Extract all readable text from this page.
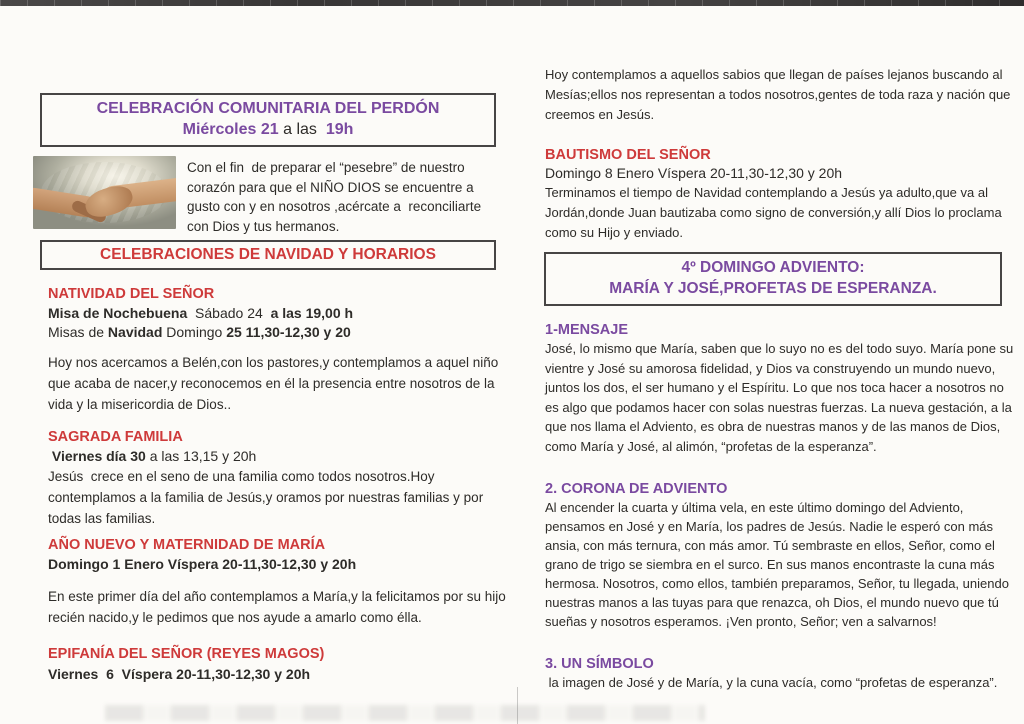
CELEBRACIÓN COMUNITARIA DEL PERDÓN
Miércoles 21 a las  19h
Con el fin  de preparar el “pesebre” de nuestro corazón para que el NIÑO DIOS se encuentre a gusto con y en nosotros ,acércate a  reconciliarte con Dios y tus hermanos.
CELEBRACIONES DE NAVIDAD Y HORARIOS
NATIVIDAD DEL SEÑOR
Misa de Nochebuena  Sábado 24  a las 19,00 h
Misas de Navidad Domingo 25 11,30-12,30 y 20
Hoy nos acercamos a Belén,con los pastores,y contemplamos a aquel niño que acaba de nacer,y reconocemos en él la presencia entre nosotros de la vida y la misericordia de Dios..
SAGRADA FAMILIA
Viernes día 30 a las 13,15 y 20h
Jesús  crece en el seno de una familia como todos nosotros.Hoy contemplamos a la familia de Jesús,y oramos por nuestras familias y por todas las familias.
AÑO NUEVO Y MATERNIDAD DE MARÍA
Domingo 1 Enero Víspera 20-11,30-12,30 y 20h
En este primer día del año contemplamos a María,y la felicitamos por su hijo recién nacido,y le pedimos que nos ayude a amarlo como élla.
EPIFANÍA DEL SEÑOR (REYES MAGOS)
Viernes  6  Víspera 20-11,30-12,30 y 20h
Hoy contemplamos a aquellos sabios que llegan de países lejanos buscando al Mesías;ellos nos representan a todos nosotros,gentes de toda raza y nación que creemos en Jesús.
BAUTISMO DEL SEÑOR
Domingo 8 Enero Víspera 20-11,30-12,30 y 20h
Terminamos el tiempo de Navidad contemplando a Jesús ya adulto,que va al Jordán,donde Juan bautizaba como signo de conversión,y allí Dios lo proclama como su Hijo y enviado.
4º DOMINGO ADVIENTO:
MARÍA Y JOSÉ,PROFETAS DE ESPERANZA.
1-MENSAJE
José, lo mismo que María, saben que lo suyo no es del todo suyo. María pone su vientre y José su amorosa fidelidad, y Dios va construyendo un mundo nuevo, juntos los dos, el ser humano y el Espíritu. Lo que nos toca hacer a nosotros no es algo que podamos hacer con solas nuestras fuerzas. La nueva gestación, a la que nos llama el Adviento, es obra de nuestras manos y de las manos de Dios, como María y José, al alimón, “profetas de la esperanza”.
2. CORONA DE ADVIENTO
Al encender la cuarta y última vela, en este último domingo del Adviento, pensamos en José y en María, los padres de Jesús. Nadie le esperó con más ansia, con más ternura, con más amor. Tú sembraste en ellos, Señor, como el grano de trigo se siembra en el surco. En sus manos encontraste la cuna más hermosa. Nosotros, como ellos, también preparamos, Señor, tu llegada, uniendo nuestras manos a las tuyas para que renazca, oh Dios, el mundo nuevo que tú sueñas y nosotros esperamos. ¡Ven pronto, Señor; ven a salvarnos!
3. UN SÍMBOLO
la imagen de José y de María, y la cuna vacía, como “profetas de esperanza”.
